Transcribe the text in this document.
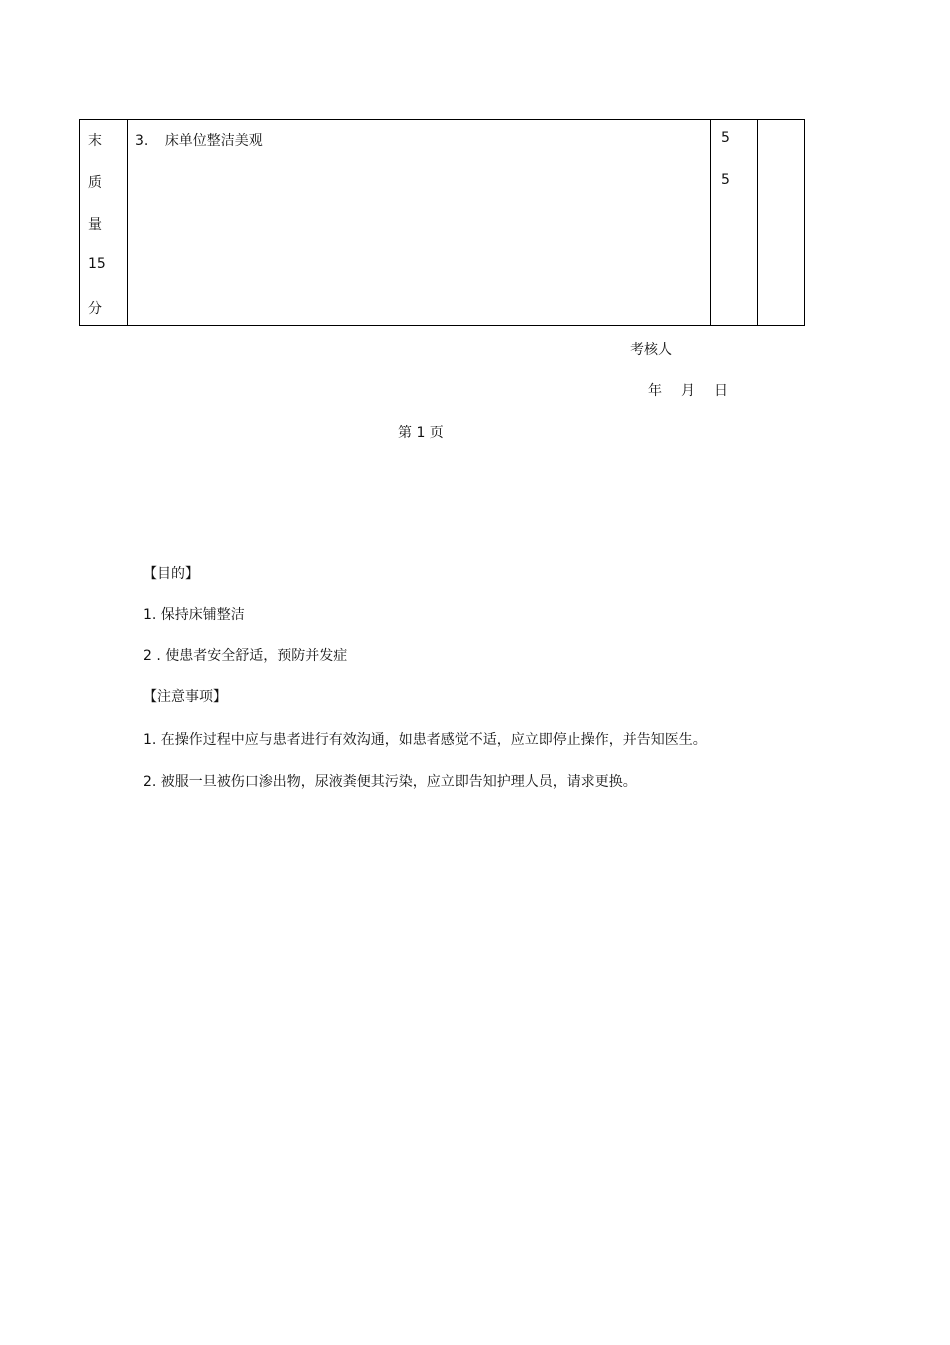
末
质
量
15
分
3. 床单位整洁美观	5
5
考核人
年 月 日
第 1 页
【目的】
1. 保持床铺整洁
2 . 使患者安全舒适，预防并发症
【注意事项】
1. 在操作过程中应与患者进行有效沟通，如患者感觉不适，应立即停止操作，并告知医生。
2. 被服一旦被伤口渗出物，尿液粪便其污染，应立即告知护理人员，请求更换。
